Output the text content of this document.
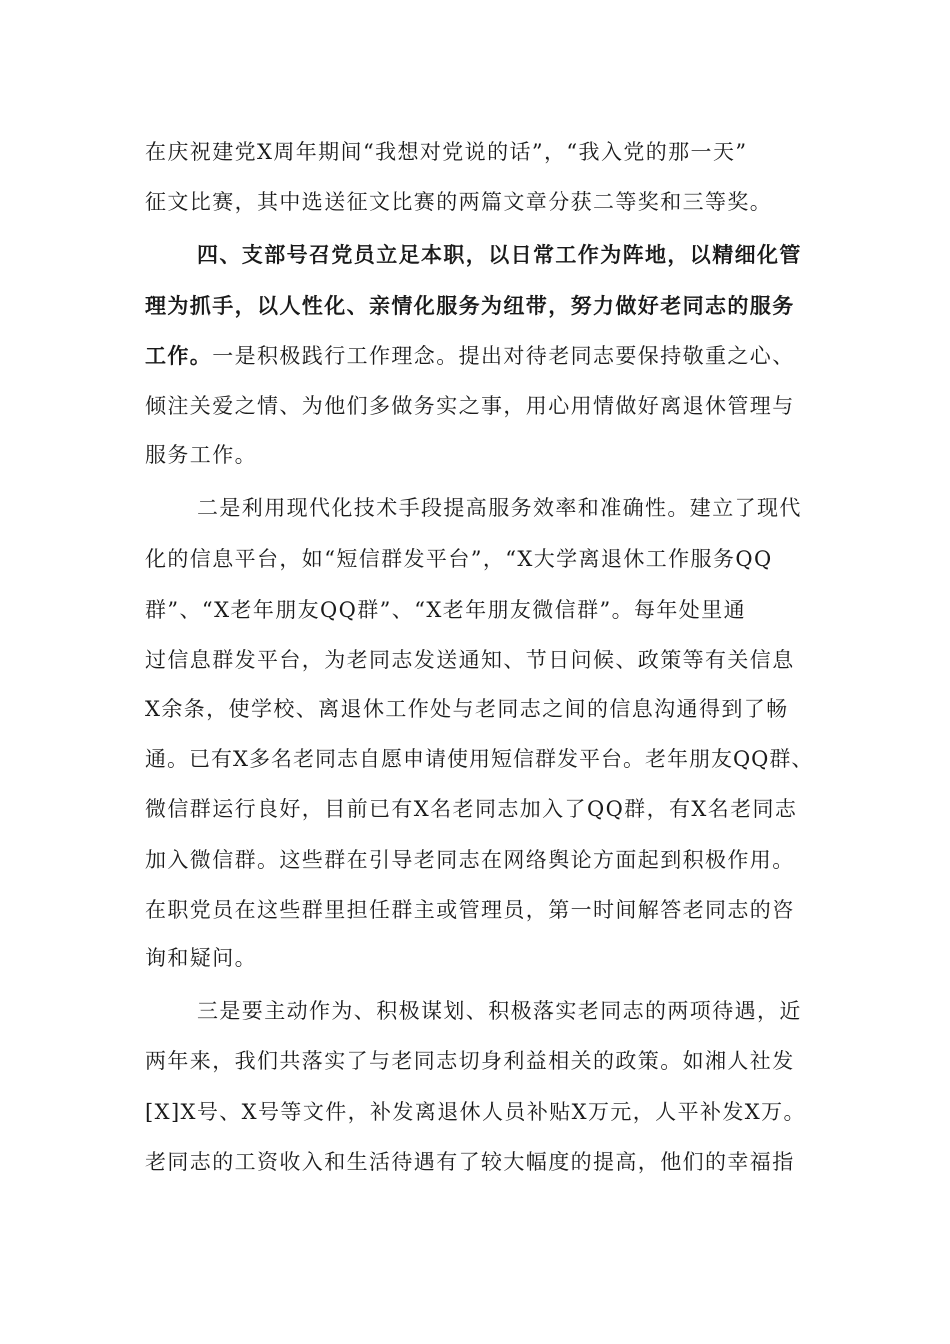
在庆祝建党X周年期间“我想对党说的话”，“我入党的那一天”
征文比赛，其中选送征文比赛的两篇文章分获二等奖和三等奖。
四、支部号召党员立足本职，以日常工作为阵地，以精细化管
理为抓手，以人性化、亲情化服务为纽带，努力做好老同志的服务
工作。一是积极践行工作理念。提出对待老同志要保持敬重之心、
倾注关爱之情、为他们多做务实之事，用心用情做好离退休管理与
服务工作。
二是利用现代化技术手段提高服务效率和准确性。建立了现代
化的信息平台，如“短信群发平台”，“X大学离退休工作服务QQ
群”、“X老年朋友QQ群”、“X老年朋友微信群”。每年处里通
过信息群发平台，为老同志发送通知、节日问候、政策等有关信息
X余条，使学校、离退休工作处与老同志之间的信息沟通得到了畅
通。已有X多名老同志自愿申请使用短信群发平台。老年朋友QQ群、
微信群运行良好，目前已有X名老同志加入了QQ群，有X名老同志
加入微信群。这些群在引导老同志在网络舆论方面起到积极作用。
在职党员在这些群里担任群主或管理员，第一时间解答老同志的咨
询和疑问。
三是要主动作为、积极谋划、积极落实老同志的两项待遇，近
两年来，我们共落实了与老同志切身利益相关的政策。如湘人社发
[X]X号、X号等文件，补发离退休人员补贴X万元，人平补发X万。
老同志的工资收入和生活待遇有了较大幅度的提高，他们的幸福指
